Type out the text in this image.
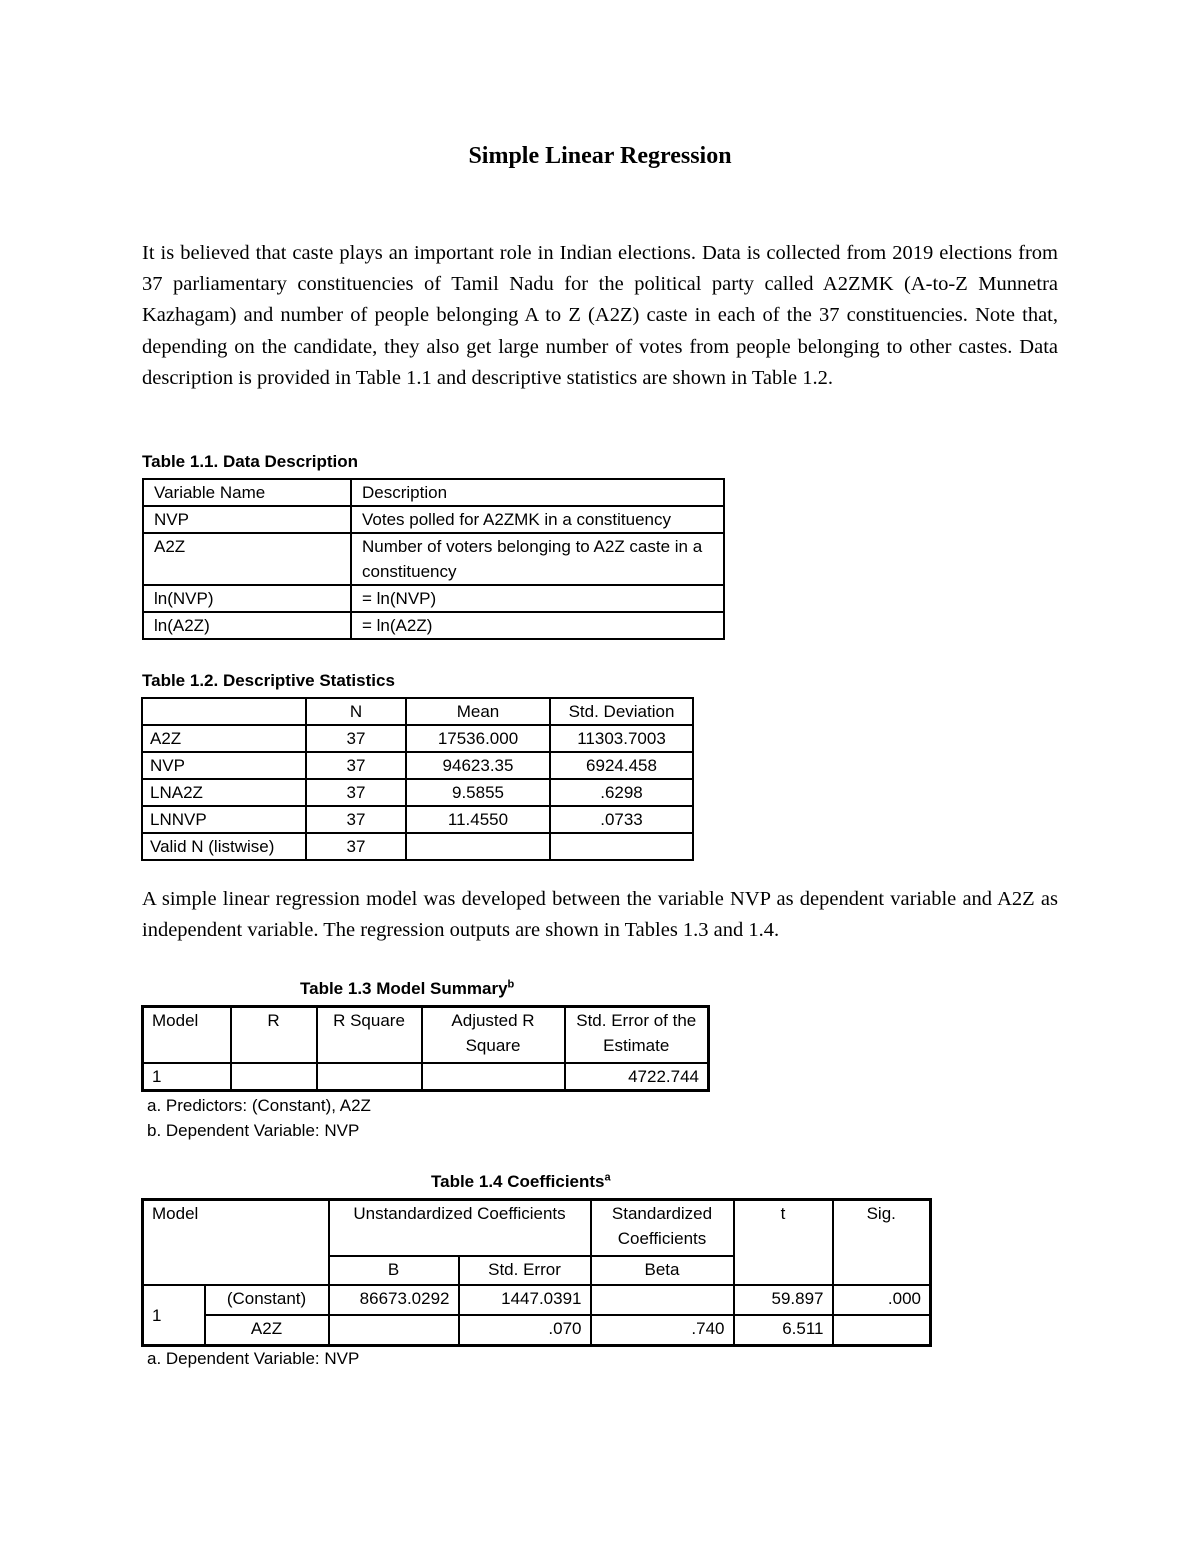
Simple Linear Regression
It is believed that caste plays an important role in Indian elections. Data is collected from 2019 elections from 37 parliamentary constituencies of Tamil Nadu for the political party called A2ZMK (A-to-Z Munnetra Kazhagam) and number of people belonging A to Z (A2Z) caste in each of the 37 constituencies. Note that, depending on the candidate, they also get large number of votes from people belonging to other castes. Data description is provided in Table 1.1 and descriptive statistics are shown in Table 1.2.
Table 1.1. Data Description
Variable Name	Description
NVP	Votes polled for A2ZMK in a constituency
A2Z	Number of voters belonging to A2Z caste in a constituency
ln(NVP)	= ln(NVP)
ln(A2Z)	= ln(A2Z)
Table 1.2. Descriptive Statistics
	N	Mean	Std. Deviation
A2Z	37	17536.000	11303.7003
NVP	37	94623.35	6924.458
LNA2Z	37	9.5855	.6298
LNNVP	37	11.4550	.0733
Valid N (listwise)	37		
A simple linear regression model was developed between the variable NVP as dependent variable and A2Z as independent variable. The regression outputs are shown in Tables 1.3 and 1.4.
Table 1.3 Model Summary$^b$
Model	R	R Square	Adjusted R Square	Std. Error of the Estimate
1				4722.744
a. Predictors: (Constant), A2Z
b. Dependent Variable: NVP
Table 1.4 Coefficients$^a$
Model		Unstandardized Coefficients		Standardized Coefficients	t	Sig.
		B	Std. Error	Beta		
1	(Constant)	86673.0292	1447.0391		59.897	.000
	A2Z		.070	.740	6.511	
a. Dependent Variable: NVP
